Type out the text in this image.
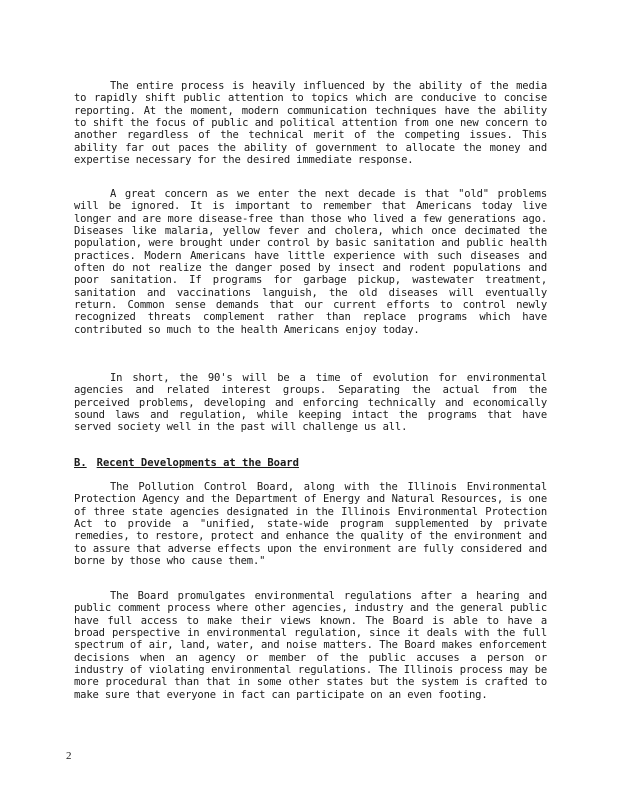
The entire process is heavily influenced by the ability of the media to rapidly shift public attention to topics which are conducive to concise reporting. At the moment, modern communication techniques have the ability to shift the focus of public and political attention from one new concern to another regardless of the technical merit of the competing issues. This ability far out paces the ability of government to allocate the money and expertise necessary for the desired immediate response.

A great concern as we enter the next decade is that "old" problems will be ignored. It is important to remember that Americans today live longer and are more disease-free than those who lived a few generations ago. Diseases like malaria, yellow fever and cholera, which once decimated the population, were brought under control by basic sanitation and public health practices. Modern Americans have little experience with such diseases and often do not realize the danger posed by insect and rodent populations and poor sanitation. If programs for garbage pickup, wastewater treatment, sanitation and vaccinations languish, the old diseases will eventually return. Common sense demands that our current efforts to control newly recognized threats complement rather than replace programs which have contributed so much to the health Americans enjoy today.

In short, the 90's will be a time of evolution for environmental agencies and related interest groups. Separating the actual from the perceived problems, developing and enforcing technically and economically sound laws and regulation, while keeping intact the programs that have served society well in the past will challenge us all.

B. Recent Developments at the Board

The Pollution Control Board, along with the Illinois Environmental Protection Agency and the Department of Energy and Natural Resources, is one of three state agencies designated in the Illinois Environmental Protection Act to provide a "unified, state-wide program supplemented by private remedies, to restore, protect and enhance the quality of the environment and to assure that adverse effects upon the environment are fully considered and borne by those who cause them."

The Board promulgates environmental regulations after a hearing and public comment process where other agencies, industry and the general public have full access to make their views known. The Board is able to have a broad perspective in environmental regulation, since it deals with the full spectrum of air, land, water, and noise matters. The Board makes enforcement decisions when an agency or member of the public accuses a person or industry of violating environmental regulations. The Illinois process may be more procedural than that in some other states but the system is crafted to make sure that everyone in fact can participate on an even footing.

2
